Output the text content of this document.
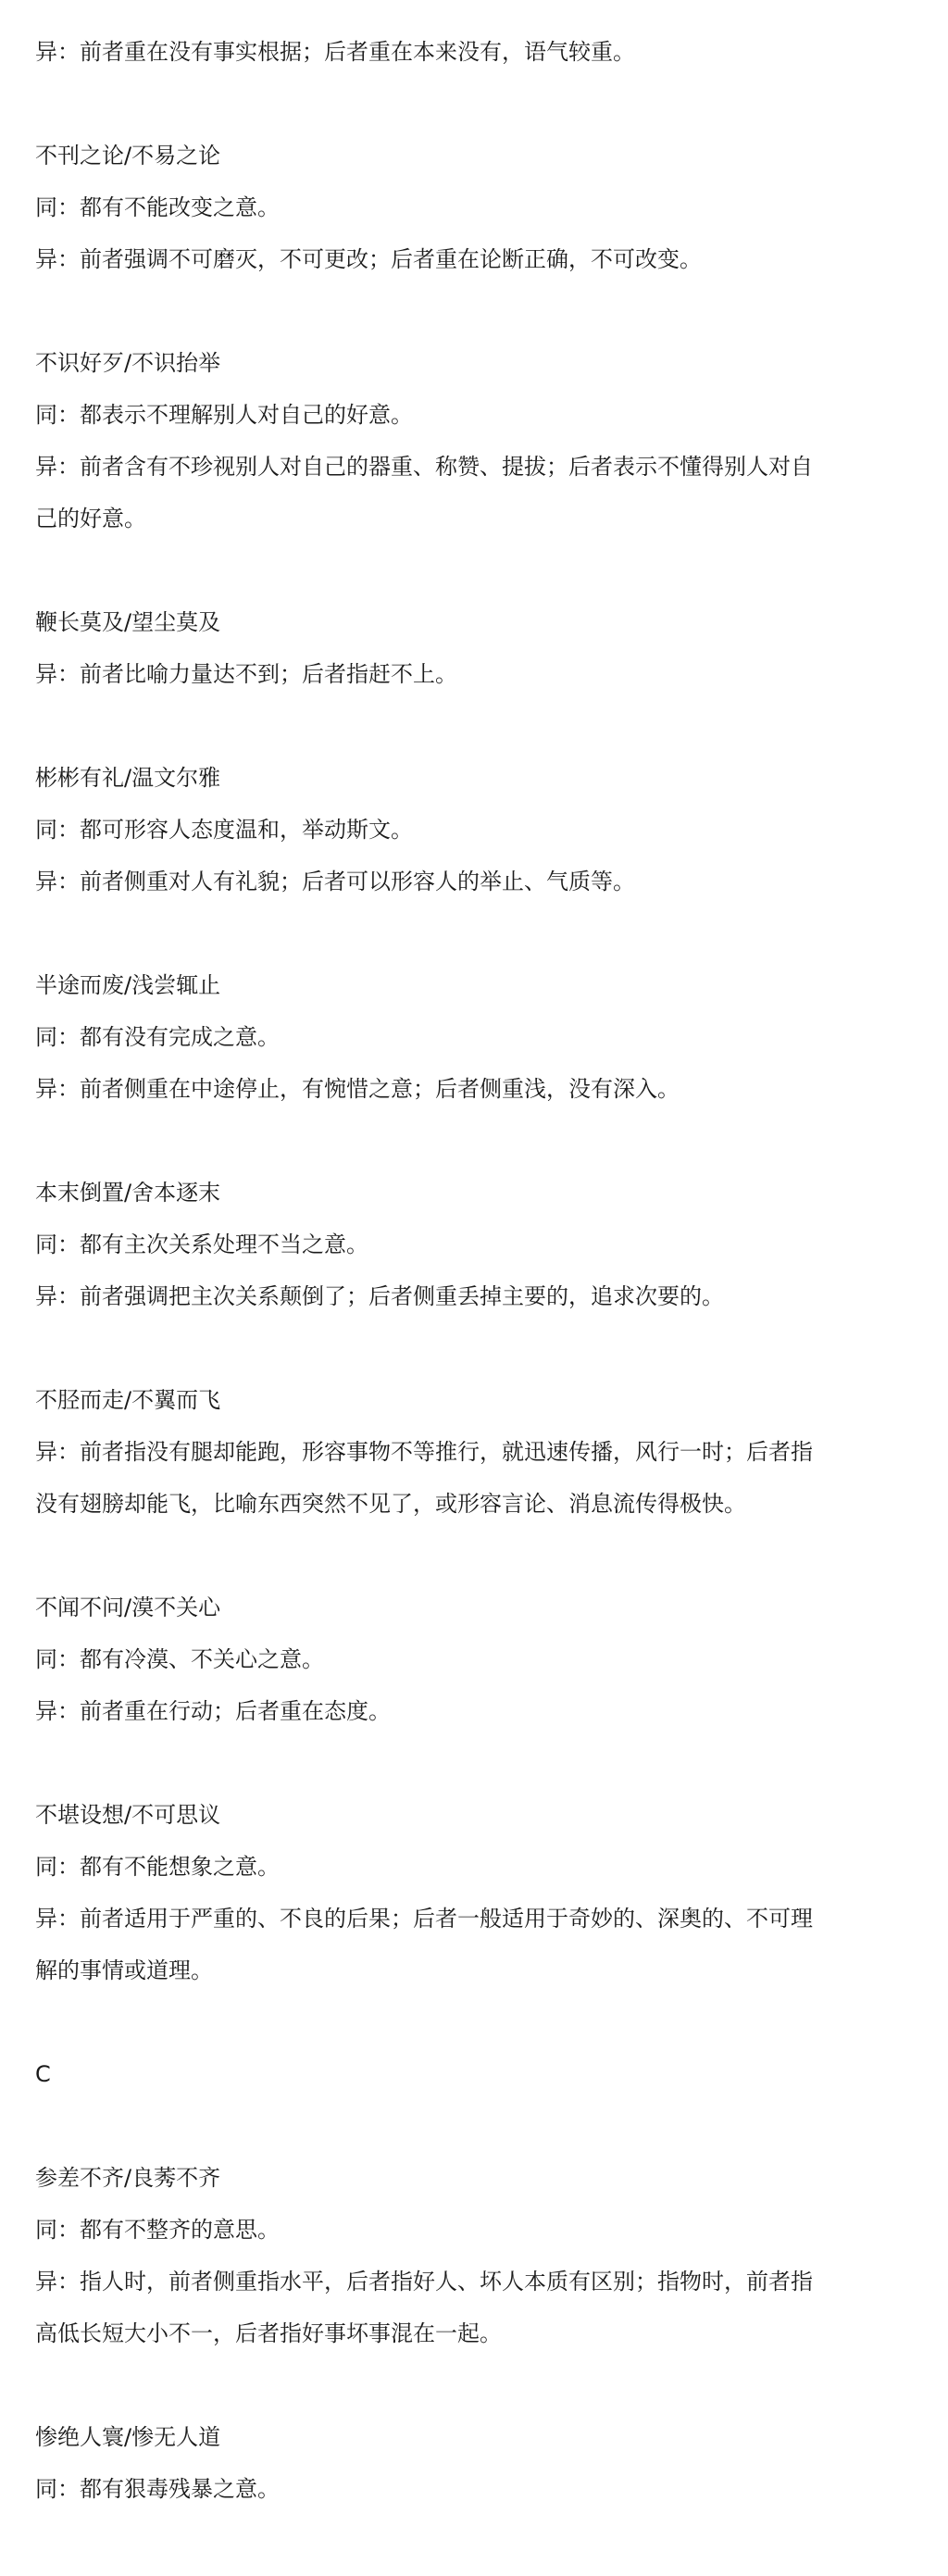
异：前者重在没有事实根据；后者重在本来没有，语气较重。
不刊之论/不易之论
同：都有不能改变之意。
异：前者强调不可磨灭，不可更改；后者重在论断正确，不可改变。
不识好歹/不识抬举
同：都表示不理解别人对自己的好意。
异：前者含有不珍视别人对自己的器重、称赞、提拔；后者表示不懂得别人对自
己的好意。
鞭长莫及/望尘莫及
异：前者比喻力量达不到；后者指赶不上。
彬彬有礼/温文尔雅
同：都可形容人态度温和，举动斯文。
异：前者侧重对人有礼貌；后者可以形容人的举止、气质等。
半途而废/浅尝辄止
同：都有没有完成之意。
异：前者侧重在中途停止，有惋惜之意；后者侧重浅，没有深入。
本末倒置/舍本逐末
同：都有主次关系处理不当之意。
异：前者强调把主次关系颠倒了；后者侧重丢掉主要的，追求次要的。
不胫而走/不翼而飞
异：前者指没有腿却能跑，形容事物不等推行，就迅速传播，风行一时；后者指
没有翅膀却能飞，比喻东西突然不见了，或形容言论、消息流传得极快。
不闻不问/漠不关心
同：都有冷漠、不关心之意。
异：前者重在行动；后者重在态度。
不堪设想/不可思议
同：都有不能想象之意。
异：前者适用于严重的、不良的后果；后者一般适用于奇妙的、深奥的、不可理
解的事情或道理。
C
参差不齐/良莠不齐
同：都有不整齐的意思。
异：指人时，前者侧重指水平，后者指好人、坏人本质有区别；指物时，前者指
高低长短大小不一，后者指好事坏事混在一起。
惨绝人寰/惨无人道
同：都有狠毒残暴之意。
